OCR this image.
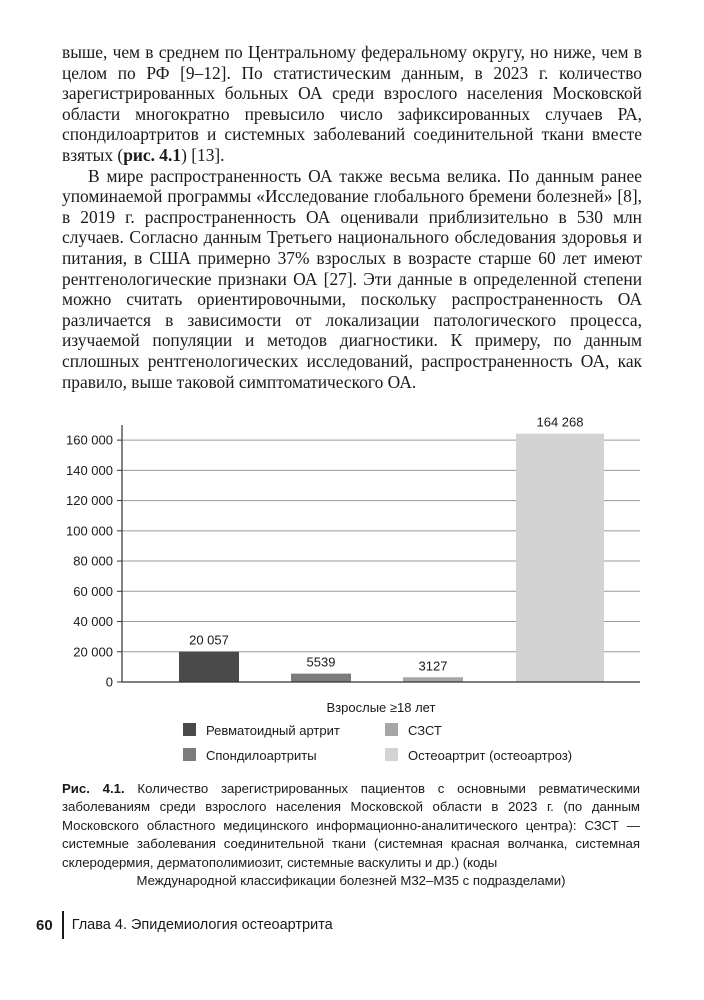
выше, чем в среднем по Центральному федеральному округу, но ниже, чем в целом по РФ [9–12]. По статистическим данным, в 2023 г. количество зарегистрированных больных ОА среди взрослого населения Московской области многократно превысило число зафиксированных случаев РА, спондилоартритов и системных заболеваний соединительной ткани вместе взятых (рис. 4.1) [13].

В мире распространенность ОА также весьма велика. По данным ранее упоминаемой программы «Исследование глобального бремени болезней» [8], в 2019 г. распространенность ОА оценивали приблизительно в 530 млн случаев. Согласно данным Третьего национального обследования здоровья и питания, в США примерно 37% взрослых в возрасте старше 60 лет имеют рентгенологические признаки ОА [27]. Эти данные в определенной степени можно считать ориентировочными, поскольку распространенность ОА различается в зависимости от локализации патологического процесса, изучаемой популяции и методов диагностики. К примеру, по данным сплошных рентгенологических исследований, распространенность ОА, как правило, выше таковой симптоматического ОА.

0
20 000
40 000
60 000
80 000
100 000
120 000
140 000
160 000
20 057
5539	3127
164 268
Взрослые ≥18 лет
Ревматоидный артрит	СЗСТ
Спондилоартриты	Остеоартрит (остеоартроз)
Рис. 4.1. Количество зарегистрированных пациентов с основными ревматическими заболеваниям среди взрослого населения Московской области в 2023 г. (по данным Московского областного медицинского информационно-аналитического центра): СЗСТ — системные заболевания соединительной ткани (системная красная волчанка, системная склеродермия, дерматополимиозит, системные васкулиты и др.) (коды
Международной классификации болезней М32–М35 с подразделами)
60 Глава 4. Эпидемиология остеоартрита
